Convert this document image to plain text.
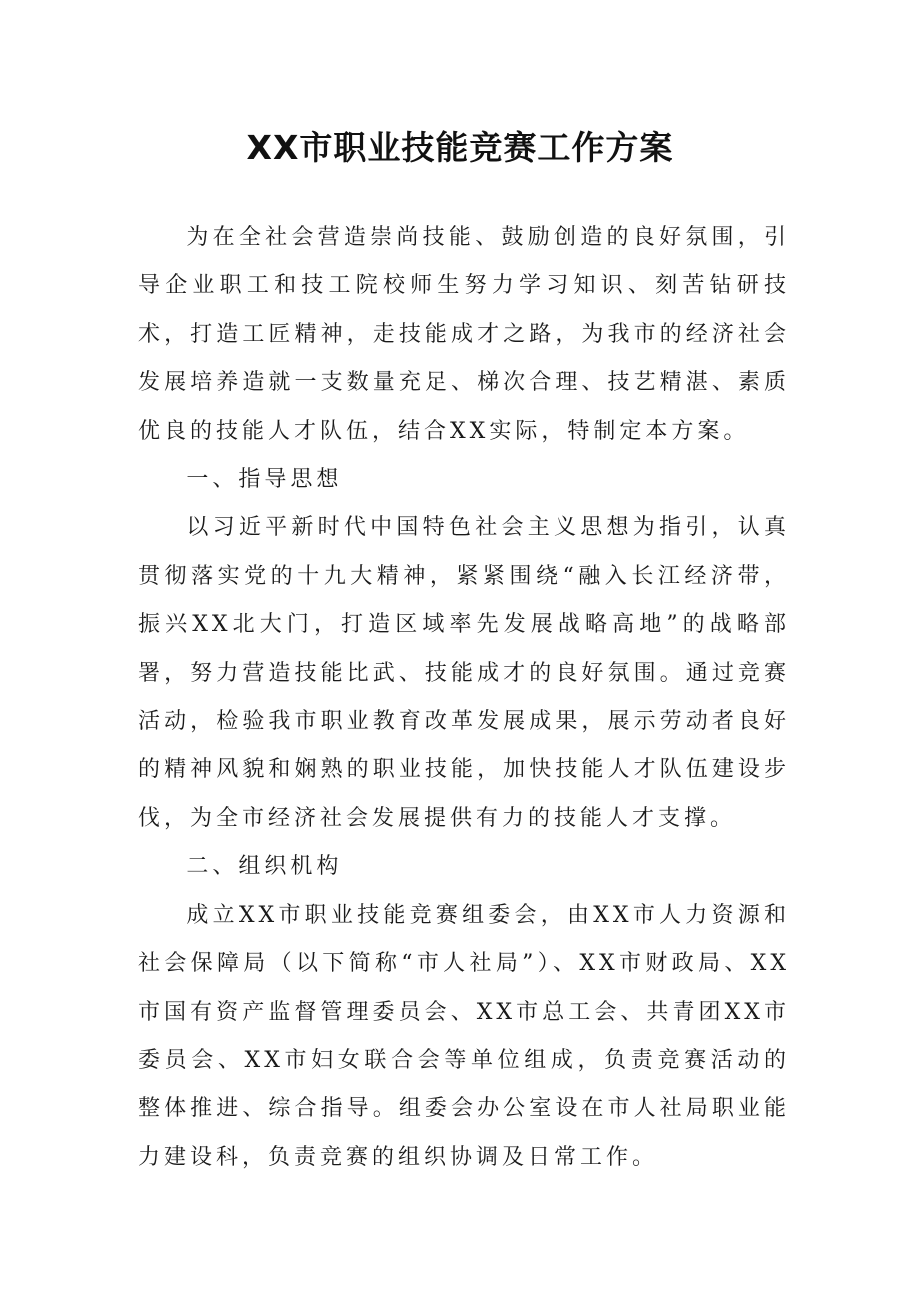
XX市职业技能竞赛工作方案

为在全社会营造崇尚技能、鼓励创造的良好氛围，引导企业职工和技工院校师生努力学习知识、刻苦钻研技术，打造工匠精神，走技能成才之路，为我市的经济社会发展培养造就一支数量充足、梯次合理、技艺精湛、素质优良的技能人才队伍，结合XX实际，特制定本方案。

一、指导思想

以习近平新时代中国特色社会主义思想为指引，认真贯彻落实党的十九大精神，紧紧围绕“融入长江经济带，振兴XX北大门，打造区域率先发展战略高地”的战略部署，努力营造技能比武、技能成才的良好氛围。通过竞赛活动，检验我市职业教育改革发展成果，展示劳动者良好的精神风貌和娴熟的职业技能，加快技能人才队伍建设步伐，为全市经济社会发展提供有力的技能人才支撑。

二、组织机构

成立XX市职业技能竞赛组委会，由XX市人力资源和社会保障局（以下简称“市人社局”）、XX市财政局、XX市国有资产监督管理委员会、XX市总工会、共青团XX市委员会、XX市妇女联合会等单位组成，负责竞赛活动的整体推进、综合指导。组委会办公室设在市人社局职业能力建设科，负责竞赛的组织协调及日常工作。
